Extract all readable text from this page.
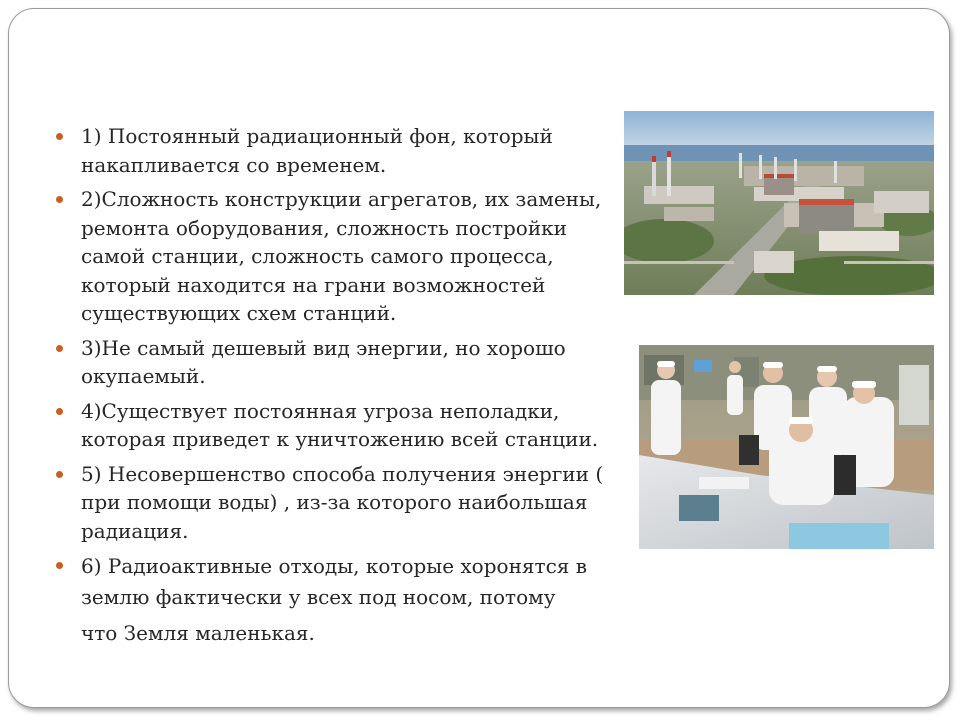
1) Постоянный радиационный фон, который накапливается со временем.
2)Сложность конструкции агрегатов, их замены, ремонта оборудования, сложность постройки самой станции, сложность самого процесса, который находится на грани возможностей существующих схем станций.
3)Не самый дешевый вид энергии, но хорошо окупаемый.
4)Существует постоянная угроза неполадки, которая приведет к уничтожению всей станции.
5) Несовершенство способа получения энергии ( при помощи воды) , из-за которого наибольшая радиация.
6) Радиоактивные отходы, которые хоронятся в землю фактически у всех под носом, потому
что Земля маленькая.
